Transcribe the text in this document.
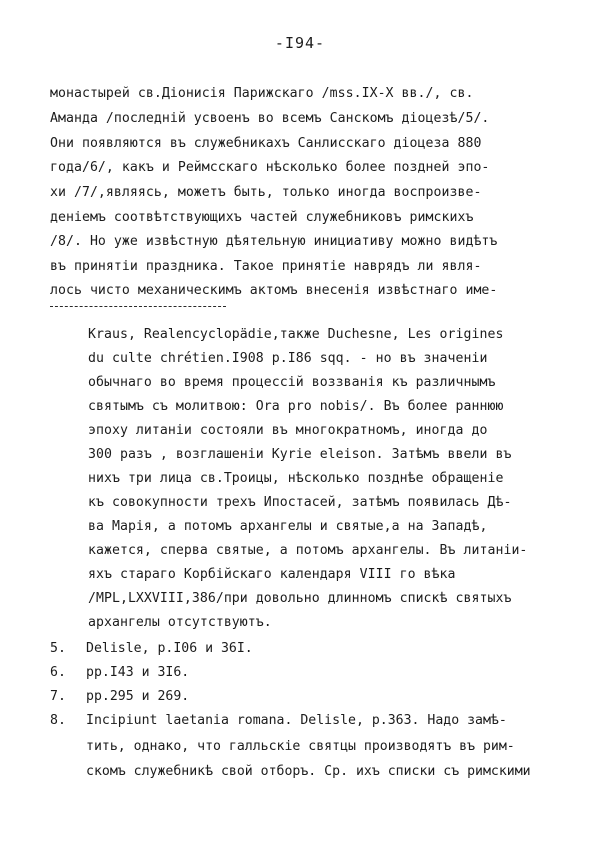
-I94-
монастырей св.Діонисія Парижскаго /mss.IX-X вв./, св.
Аманда /последній усвоенъ во всемъ Санскомъ діоцезѣ/5/.
Они появляются въ служебникахъ Санлисскаго діоцеза 880
года/6/, какъ и Реймсскаго нѣсколько более поздней эпо-
хи /7/,являясь, можетъ быть, только иногда воспроизве-
деніемъ соотвѣтствующихъ частей служебниковъ римскихъ
/8/. Но уже извѣстную дѣятельную инициативу можно видѣтъ
въ принятіи праздника. Такое принятіе наврядъ ли явля-
лось чисто механическимъ актомъ внесенія извѣстнаго име-
Kraus, Realencyclopädie,также Duchesne, Les origines
du culte chrétien.I908 p.I86 sqq. - но въ значеніи
обычнаго во время процессій воззванія къ различнымъ
святымъ съ молитвою: Ora pro nobis/. Въ более раннюю
эпоху литаніи состояли въ многократномъ, иногда до
300 разъ , возглашеніи Kyrie eleison. Затѣмъ ввели въ
нихъ три лица св.Троицы, нѣсколько позднѣе обращеніе
къ совокупности трехъ Ипостасей, затѣмъ появилась Дѣ-
ва Марія, а потомъ архангелы и святые,а на Западѣ,
кажется, сперва святые, а потомъ архангелы. Въ литаніи-
яхъ стараго Корбійскаго календаря VIII го вѣка
/MPL,LXXVIII,386/при довольно длинномъ спискѣ святыхъ
архангелы отсутствуютъ.
5. Delisle, p.I06 и 36I.
6. pp.I43 и 3I6.
7. pp.295 и 269.
8. Incipiunt laetania romana. Delisle, p.363. Надо замѣ-
тить, однако, что галльскіе святцы производятъ въ рим-
скомъ служебникѣ свой отборъ. Ср. ихъ списки съ римскими
